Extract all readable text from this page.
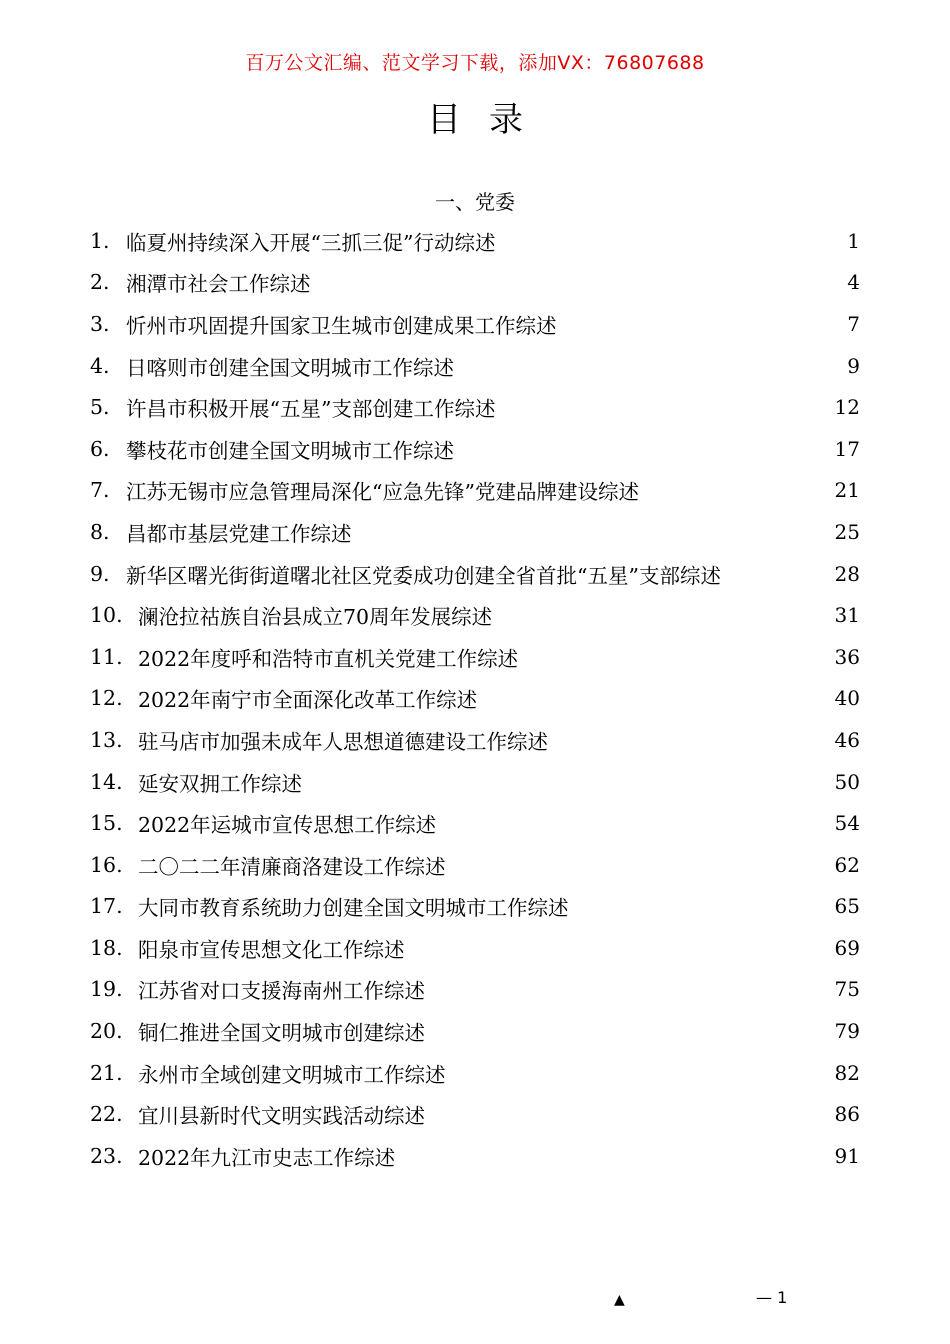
百万公文汇编、范文学习下载，添加VX：76807688
目录
一、党委
1. 临夏州持续深入开展“三抓三促”行动综述	1
2. 湘潭市社会工作综述	4
3. 忻州市巩固提升国家卫生城市创建成果工作综述	7
4. 日喀则市创建全国文明城市工作综述	9
5. 许昌市积极开展“五星”支部创建工作综述	12
6. 攀枝花市创建全国文明城市工作综述	17
7. 江苏无锡市应急管理局深化“应急先锋”党建品牌建设综述	21
8. 昌都市基层党建工作综述	25
9. 新华区曙光街街道曙北社区党委成功创建全省首批“五星”支部综述	28
10. 澜沧拉祜族自治县成立70周年发展综述	31
11. 2022年度呼和浩特市直机关党建工作综述	36
12. 2022年南宁市全面深化改革工作综述	40
13. 驻马店市加强未成年人思想道德建设工作综述	46
14. 延安双拥工作综述	50
15. 2022年运城市宣传思想工作综述	54
16. 二〇二二年清廉商洛建设工作综述	62
17. 大同市教育系统助力创建全国文明城市工作综述	65
18. 阳泉市宣传思想文化工作综述	69
19. 江苏省对口支援海南州工作综述	75
20. 铜仁推进全国文明城市创建综述	79
21. 永州市全域创建文明城市工作综述	82
22. 宜川县新时代文明实践活动综述	86
23. 2022年九江市史志工作综述	91
▲	— 1
